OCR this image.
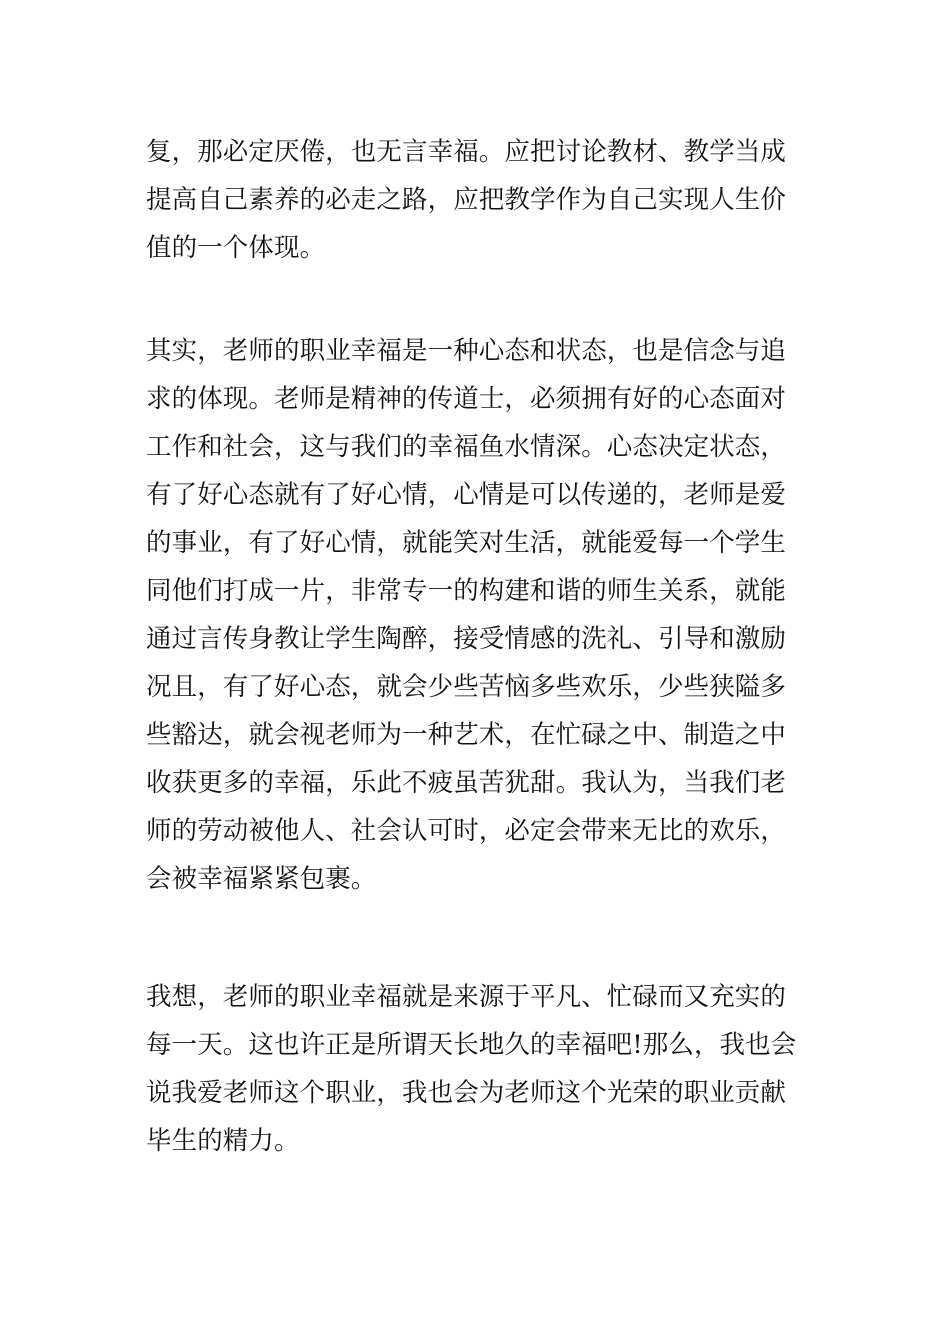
复，那必定厌倦，也无言幸福。应把讨论教材、教学当成
提高自己素养的必走之路，应把教学作为自己实现人生价
值的一个体现。
其实，老师的职业幸福是一种心态和状态，也是信念与追
求的体现。老师是精神的传道士，必须拥有好的心态面对
工作和社会，这与我们的幸福鱼水情深。心态决定状态，
有了好心态就有了好心情，心情是可以传递的，老师是爱
的事业，有了好心情，就能笑对生活，就能爱每一个学生
同他们打成一片，非常专一的构建和谐的师生关系，就能
通过言传身教让学生陶醉，接受情感的洗礼、引导和激励
况且，有了好心态，就会少些苦恼多些欢乐，少些狭隘多
些豁达，就会视老师为一种艺术，在忙碌之中、制造之中
收获更多的幸福，乐此不疲虽苦犹甜。我认为，当我们老
师的劳动被他人、社会认可时，必定会带来无比的欢乐，
会被幸福紧紧包裹。
我想，老师的职业幸福就是来源于平凡、忙碌而又充实的
每一天。这也许正是所谓天长地久的幸福吧!那么，我也会
说我爱老师这个职业，我也会为老师这个光荣的职业贡献
毕生的精力。
